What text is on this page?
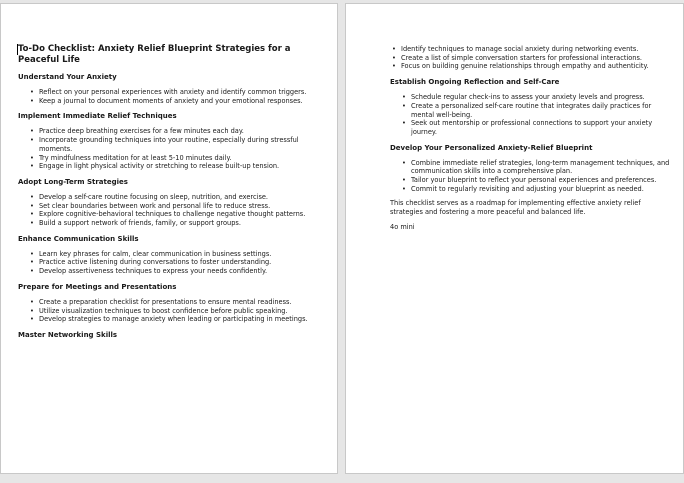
To-Do Checklist: Anxiety Relief Blueprint Strategies for a Peaceful Life
Understand Your Anxiety
• Reflect on your personal experiences with anxiety and identify common triggers.
• Keep a journal to document moments of anxiety and your emotional responses.
Implement Immediate Relief Techniques
• Practice deep breathing exercises for a few minutes each day.
• Incorporate grounding techniques into your routine, especially during stressful moments.
• Try mindfulness meditation for at least 5-10 minutes daily.
• Engage in light physical activity or stretching to release built-up tension.
Adopt Long-Term Strategies
• Develop a self-care routine focusing on sleep, nutrition, and exercise.
• Set clear boundaries between work and personal life to reduce stress.
• Explore cognitive-behavioral techniques to challenge negative thought patterns.
• Build a support network of friends, family, or support groups.
Enhance Communication Skills
• Learn key phrases for calm, clear communication in business settings.
• Practice active listening during conversations to foster understanding.
• Develop assertiveness techniques to express your needs confidently.
Prepare for Meetings and Presentations
• Create a preparation checklist for presentations to ensure mental readiness.
• Utilize visualization techniques to boost confidence before public speaking.
• Develop strategies to manage anxiety when leading or participating in meetings.
Master Networking Skills
• Identify techniques to manage social anxiety during networking events.
• Create a list of simple conversation starters for professional interactions.
• Focus on building genuine relationships through empathy and authenticity.
Establish Ongoing Reflection and Self-Care
• Schedule regular check-ins to assess your anxiety levels and progress.
• Create a personalized self-care routine that integrates daily practices for mental well-being.
• Seek out mentorship or professional connections to support your anxiety journey.
Develop Your Personalized Anxiety-Relief Blueprint
• Combine immediate relief strategies, long-term management techniques, and communication skills into a comprehensive plan.
• Tailor your blueprint to reflect your personal experiences and preferences.
• Commit to regularly revisiting and adjusting your blueprint as needed.
This checklist serves as a roadmap for implementing effective anxiety relief strategies and fostering a more peaceful and balanced life.
4o mini
